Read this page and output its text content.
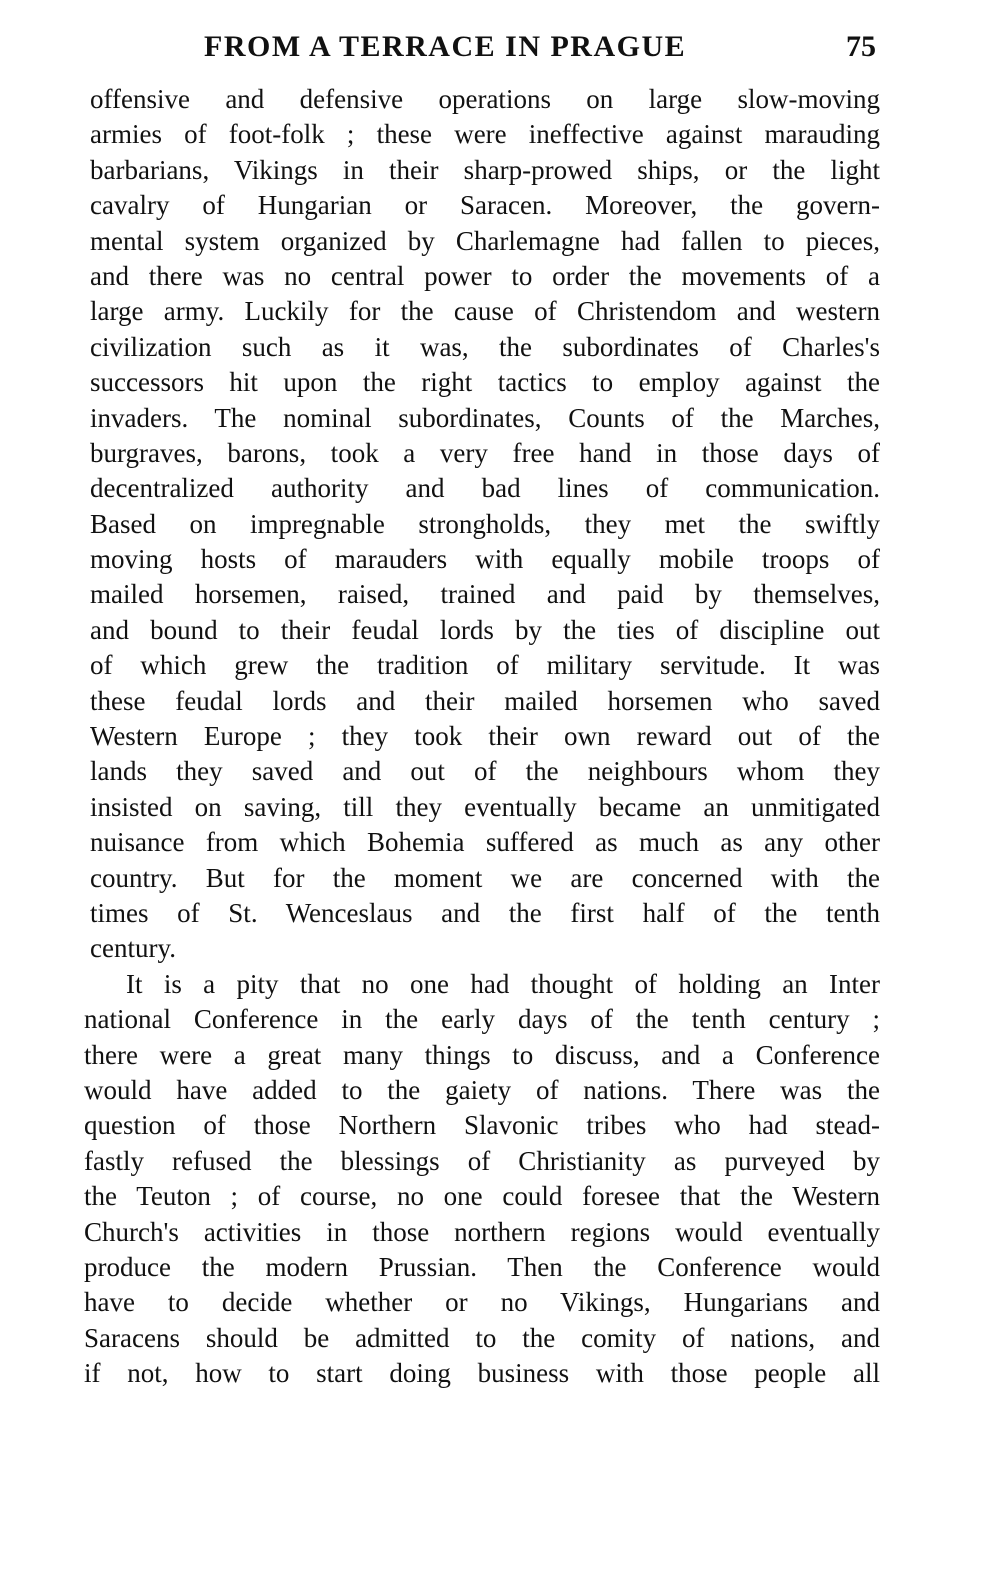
FROM A TERRACE IN PRAGUE	75
offensive and defensive operations on large slow-moving
armies of foot-folk ; these were ineffective against marauding
barbarians, Vikings in their sharp-prowed ships, or the light
cavalry of Hungarian or Saracen. Moreover, the govern-
mental system organized by Charlemagne had fallen to pieces,
and there was no central power to order the movements of a
large army. Luckily for the cause of Christendom and western
civilization such as it was, the subordinates of Charles's
successors hit upon the right tactics to employ against the
invaders. The nominal subordinates, Counts of the Marches,
burgraves, barons, took a very free hand in those days of
decentralized authority and bad lines of communication.
Based on impregnable strongholds, they met the swiftly
moving hosts of marauders with equally mobile troops of
mailed horsemen, raised, trained and paid by themselves,
and bound to their feudal lords by the ties of discipline out
of which grew the tradition of military servitude. It was
these feudal lords and their mailed horsemen who saved
Western Europe ; they took their own reward out of the
lands they saved and out of the neighbours whom they
insisted on saving, till they eventually became an unmitigated
nuisance from which Bohemia suffered as much as any other
country. But for the moment we are concerned with the
times of St. Wenceslaus and the first half of the tenth
century.
It is a pity that no one had thought of holding an Inter
national Conference in the early days of the tenth century ;
there were a great many things to discuss, and a Conference
would have added to the gaiety of nations. There was the
question of those Northern Slavonic tribes who had stead-
fastly refused the blessings of Christianity as purveyed by
the Teuton ; of course, no one could foresee that the Western
Church's activities in those northern regions would eventually
produce the modern Prussian. Then the Conference would
have to decide whether or no Vikings, Hungarians and
Saracens should be admitted to the comity of nations, and
if not, how to start doing business with those people all
